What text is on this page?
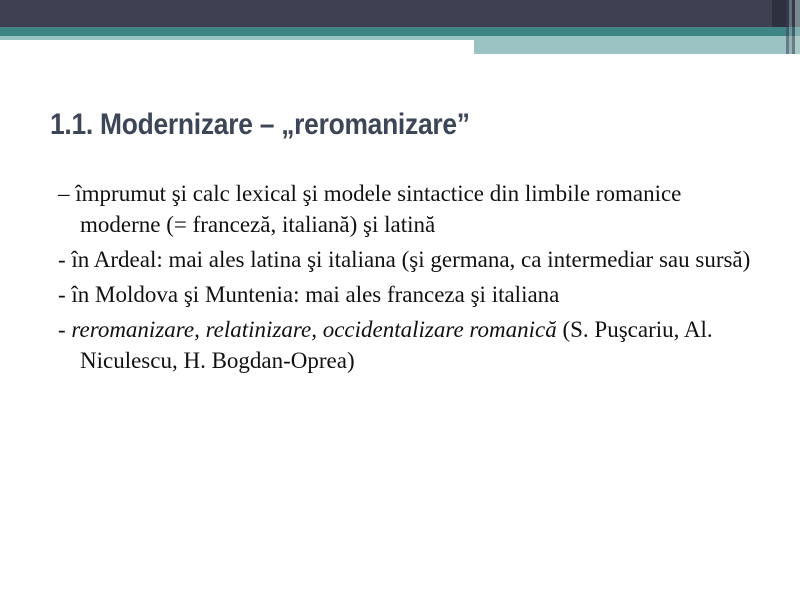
1.1. Modernizare – „reromanizare”
– împrumut şi calc lexical şi modele sintactice din limbile romanice moderne (= franceză, italiană) şi latină
- în Ardeal: mai ales latina şi italiana (şi germana, ca intermediar sau sursă)
- în Moldova şi Muntenia: mai ales franceza şi italiana
- reromanizare, relatinizare, occidentalizare romanică (S. Puşcariu, Al. Niculescu, H. Bogdan-Oprea)
